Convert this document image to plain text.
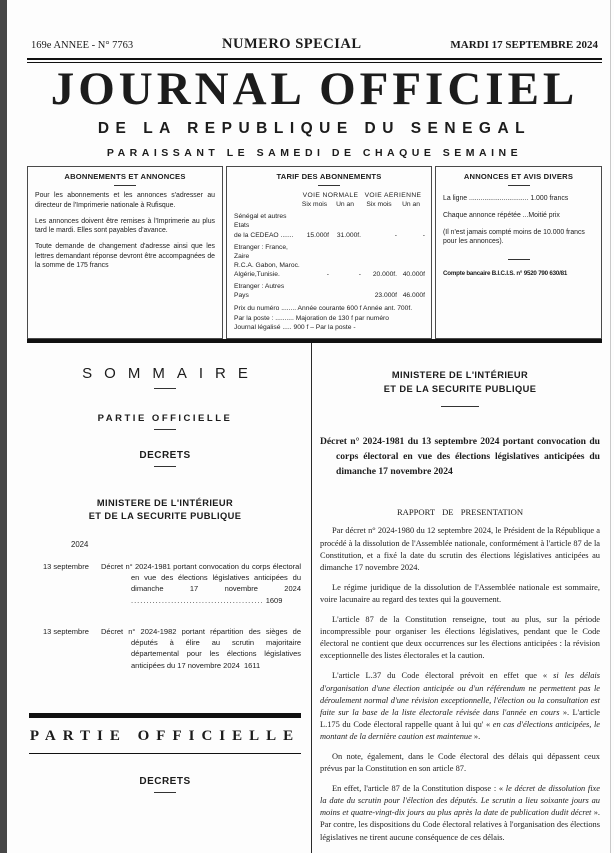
169e ANNEE - N° 7763	NUMERO SPECIAL	MARDI 17 SEPTEMBRE 2024
JOURNAL OFFICIEL
DE LA REPUBLIQUE DU SENEGAL
PARAISSANT LE SAMEDI DE CHAQUE SEMAINE
ABONNEMENTS ET ANNONCES

Pour les abonnements et les annonces s'adresser au directeur de l'Imprimerie nationale à Rufisque.

Les annonces doivent être remises à l'Imprimerie au plus tard le mardi. Elles sont payables d'avance.

Toute demande de changement d'adresse ainsi que les lettres demandant réponse devront être accompagnées de la somme de 175 francs

TARIF DES ABONNEMENTS
VOIE NORMALE VOIE AERIENNE
Six mois	Un an	Six mois	Un an
Sénégal et autres Etats
de la CEDEAO .......	15.000f	31.000f.	-	-
Etranger : France, Zaire
R.C.A. Gabon, Maroc.
Algérie,Tunisie.	-	-	20.000f. 40.000f
Etranger : Autres Pays	23.000f 46.000f
Prix du numéro ........ Année courante 600 f Année ant. 700f.
Par la poste : .......... Majoration de 130 f par numéro
Journal légalisé ..... 900 f – Par la poste -
ANNONCES ET AVIS DIVERS
La ligne ............................... 1.000 francs
Chaque annonce répétée ...Moitié prix
(Il n'est jamais compté moins de 10.000 francs pour les annonces).
Compte bancaire B.I.C.I.S. n° 9520 790 630/81
SOMMAIRE
PARTIE OFFICIELLE
DECRETS
MINISTERE DE L'INTÉRIEUR
ET DE LA SECURITE PUBLIQUE
2024
13 septembre	Décret n° 2024-1981 portant convocation du corps électoral en vue des élections législatives anticipées du dimanche 17 novembre 2024 ........................................... 1609
13 septembre	Décret n° 2024-1982 portant répartition des sièges de députés à élire au scrutin majoritaire départemental pour les élections législatives anticipées du 17 novembre 2024 1611
PARTIE OFFICIELLE
DECRETS
MINISTERE DE L'INTÉRIEUR
ET DE LA SECURITE PUBLIQUE
Décret n° 2024-1981 du 13 septembre 2024 portant convocation du corps électoral en vue des élections législatives anticipées du dimanche 17 novembre 2024
RAPPORT DE PRESENTATION

Par décret n° 2024-1980 du 12 septembre 2024, le Président de la République a procédé à la dissolution de l'Assemblée nationale, conformément à l'article 87 de la Constitution, et a fixé la date du scrutin des élections législatives anticipées au dimanche 17 novembre 2024.

Le régime juridique de la dissolution de l'Assemblée nationale est sommaire, voire lacunaire au regard des textes qui la gouvernent.

L'article 87 de la Constitution renseigne, tout au plus, sur la période incompressible pour organiser les élections législatives, pendant que le Code électoral ne contient que deux occurrences sur les élections anticipées : la révision exceptionnelle des listes électorales et la caution.

L'article L.37 du Code électoral prévoit en effet que « si les délais d'organisation d'une élection anticipée ou d'un référendum ne permettent pas le déroulement normal d'une révision exceptionnelle, l'élection ou la consultation est faite sur la base de la liste électorale révisée dans l'année en cours ». L'article L.175 du Code électoral rappelle quant à lui qu' « en cas d'élections anticipées, le montant de la dernière caution est maintenue ».

On note, également, dans le Code électoral des délais qui dépassent ceux prévus par la Constitution en son article 87.

En effet, l'article 87 de la Constitution dispose : « le décret de dissolution fixe la date du scrutin pour l'élection des députés. Le scrutin a lieu soixante jours au moins et quatre-vingt-dix jours au plus après la date de publication dudit décret ». Par contre, les dispositions du Code électoral relatives à l'organisation des élections législatives ne tirent aucune conséquence de ces délais.
